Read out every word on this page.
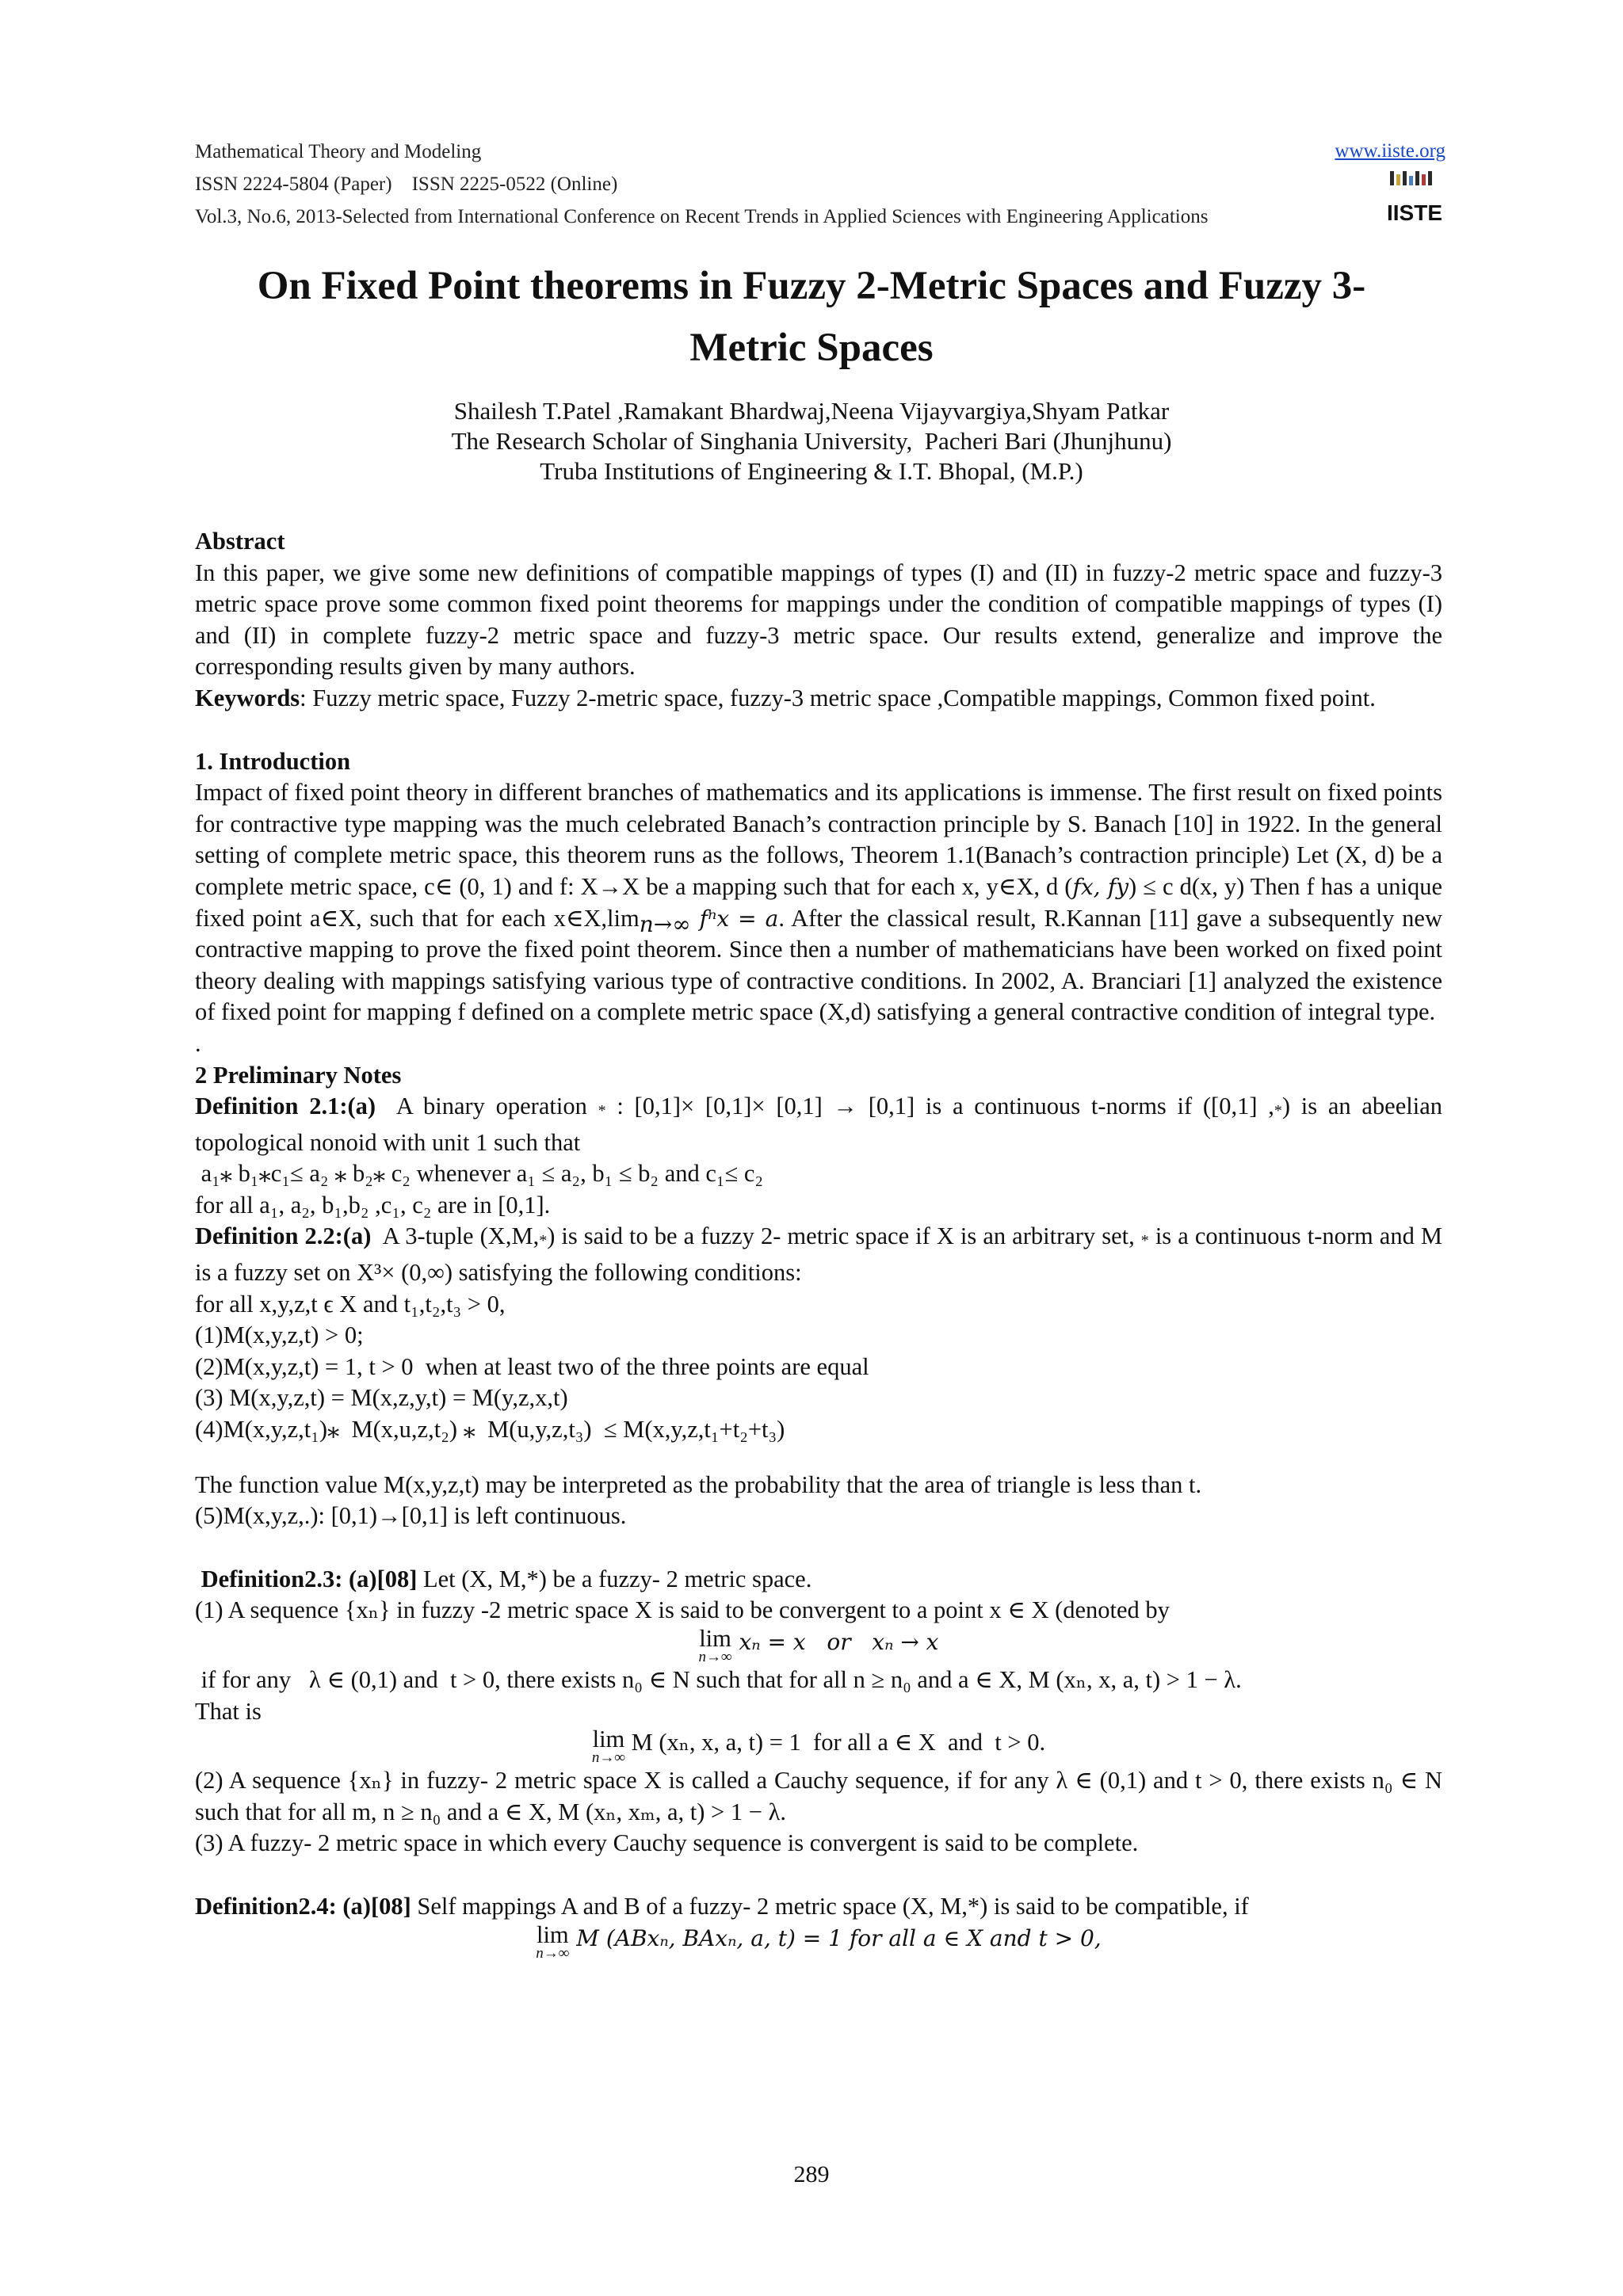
Mathematical Theory and Modeling	www.iiste.org
ISSN 2224-5804 (Paper)    ISSN 2225-0522 (Online)
Vol.3, No.6, 2013-Selected from International Conference on Recent Trends in Applied Sciences with Engineering Applications	IISTE
On Fixed Point theorems in Fuzzy 2-Metric Spaces and Fuzzy 3-
Metric Spaces
Shailesh T.Patel ,Ramakant Bhardwaj,Neena Vijayvargiya,Shyam Patkar
The Research Scholar of Singhania University,  Pacheri Bari (Jhunjhunu)
Truba Institutions of Engineering & I.T. Bhopal, (M.P.)

Abstract

In this paper, we give some new definitions of compatible mappings of types (I) and (II) in fuzzy-2 metric space and fuzzy-3 metric space prove some common fixed point theorems for mappings under the condition of compatible mappings of types (I) and (II) in complete fuzzy-2 metric space and fuzzy-3 metric space. Our results extend, generalize and improve the corresponding results given by many authors.

Keywords: Fuzzy metric space, Fuzzy 2-metric space, fuzzy-3 metric space ,Compatible mappings, Common fixed point.

1. Introduction

Impact of fixed point theory in different branches of mathematics and its applications is immense. The first result on fixed points for contractive type mapping was the much celebrated Banach’s contraction principle by S. Banach [10] in 1922. In the general setting of complete metric space, this theorem runs as the follows, Theorem 1.1(Banach’s contraction principle) Let (X, d) be a complete metric space, c∈ (0, 1) and f: X→X be a mapping such that for each x, y∈X, d (fx, fy) ≤ c d(x, y) Then f has a unique fixed point a∈X, such that for each $x\in X,\lim_{n\to\infty}$ fⁿx = a. After the classical result, R.Kannan [11] gave a subsequently new contractive mapping to prove the fixed point theorem. Since then a number of mathematicians have been worked on fixed point theory dealing with mappings satisfying various type of contractive conditions. In 2002, A. Branciari [1] analyzed the existence of fixed point for mapping f defined on a complete metric space (X,d) satisfying a general contractive condition of integral type.

.

2 Preliminary Notes

Definition 2.1:(a)  A binary operation * : [0,1]× [0,1]× [0,1] → [0,1] is a continuous t-norms if ([0,1] ,*) is an abeelian topological nonoid with unit 1 such that

a₁⁎ b₁⁎c₁≤ a₂ ⁎ b₂⁎ c₂ whenever a₁ ≤ a₂, b₁ ≤ b₂ and c₁≤ c₂

for all a₁, a₂, b₁,b₂ ,c₁, c₂ are in [0,1].

Definition 2.2:(a)  A 3-tuple (X,M,*) is said to be a fuzzy 2- metric space if X is an arbitrary set, * is a continuous t-norm and M is a fuzzy set on X³× (0,∞) satisfying the following conditions:

for all x,y,z,t ϵ X and t₁,t₂,t₃ > 0,

(1)M(x,y,z,t) > 0;

(2)M(x,y,z,t) = 1, t > 0  when at least two of the three points are equal

(3) M(x,y,z,t) = M(x,z,y,t) = M(y,z,x,t)

(4)M(x,y,z,t₁)⁎  M(x,u,z,t₂) ⁎  M(u,y,z,t₃)  ≤ M(x,y,z,t₁+t₂+t₃)

The function value M(x,y,z,t) may be interpreted as the probability that the area of triangle is less than t.

(5)M(x,y,z,.): [0,1)→[0,1] is left continuous.

Definition2.3: (a)[08] Let (X, M,*) be a fuzzy- 2 metric space.

(1) A sequence {xₙ} in fuzzy -2 metric space X is said to be convergent to a point x ∈ X (denoted by

lim
n→∞
xₙ = x   or   xₙ → x

if for any   λ ∈ (0,1) and  t > 0, there exists n₀ ∈ N such that for all n ≥ n₀ and a ∈ X, M (xₙ, x, a, t) > 1 − λ.

That is

lim
n→∞
M (xₙ, x, a, t) = 1  for all a ∈ X  and  t > 0.

(2) A sequence {xₙ} in fuzzy- 2 metric space X is called a Cauchy sequence, if for any λ ∈ (0,1) and t > 0, there exists n₀ ∈ N such that for all m, n ≥ n₀ and a ∈ X, M (xₙ, xₘ, a, t) > 1 − λ.

(3) A fuzzy- 2 metric space in which every Cauchy sequence is convergent is said to be complete.

Definition2.4: (a)[08] Self mappings A and B of a fuzzy- 2 metric space (X, M,*) is said to be compatible, if

lim
n→∞
M (ABxₙ, BAxₙ, a, t) = 1 for all a ∈ X and t > 0,

289
